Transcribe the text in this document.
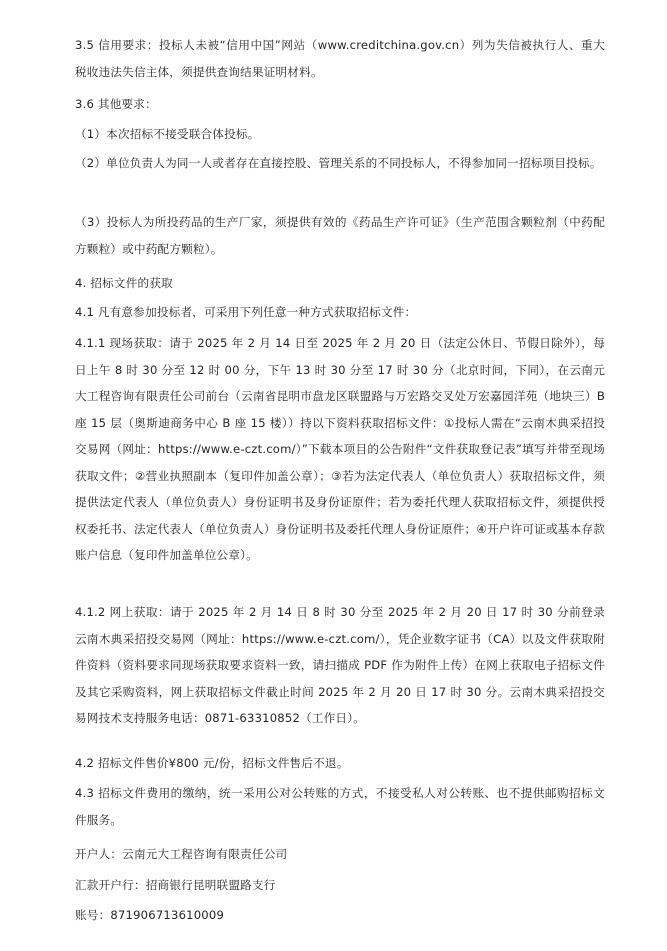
3.5 信用要求：投标人未被“信用中国”网站（www.creditchina.gov.cn）列为失信被执行人、重大税收违法失信主体，须提供查询结果证明材料。

3.6 其他要求：

（1）本次招标不接受联合体投标。

（2）单位负责人为同一人或者存在直接控股、管理关系的不同投标人，不得参加同一招标项目投标。

（3）投标人为所投药品的生产厂家，须提供有效的《药品生产许可证》（生产范围含颗粒剂（中药配方颗粒）或中药配方颗粒）。

4. 招标文件的获取

4.1 凡有意参加投标者，可采用下列任意一种方式获取招标文件：

4.1.1 现场获取：请于 2025 年 2 月 14 日至 2025 年 2 月 20 日（法定公休日、节假日除外），每日上午 8 时 30 分至 12 时 00 分，下午 13 时 30 分至 17 时 30 分（北京时间，下同），在云南元大工程咨询有限责任公司前台（云南省昆明市盘龙区联盟路与万宏路交叉处万宏嘉园洋苑（地块三）B 座 15 层（奥斯迪商务中心 B 座 15 楼））持以下资料获取招标文件：①投标人需在“云南木典采招投交易网（网址：https://www.e-czt.com/）”下载本项目的公告附件“文件获取登记表”填写并带至现场获取文件；②营业执照副本（复印件加盖公章）；③若为法定代表人（单位负责人）获取招标文件，须提供法定代表人（单位负责人）身份证明书及身份证原件；若为委托代理人获取招标文件，须提供授权委托书、法定代表人（单位负责人）身份证明书及委托代理人身份证原件；④开户许可证或基本存款账户信息（复印件加盖单位公章）。

4.1.2 网上获取：请于 2025 年 2 月 14 日 8 时 30 分至 2025 年 2 月 20 日 17 时 30 分前登录云南木典采招投交易网（网址：https://www.e-czt.com/），凭企业数字证书（CA）以及文件获取附件资料（资料要求同现场获取要求资料一致，请扫描成 PDF 作为附件上传）在网上获取电子招标文件及其它采购资料，网上获取招标文件截止时间 2025 年 2 月 20 日 17 时 30 分。云南木典采招投交易网技术支持服务电话：0871-63310852（工作日）。

4.2 招标文件售价¥800 元/份，招标文件售后不退。

4.3 招标文件费用的缴纳，统一采用公对公转账的方式，不接受私人对公转账、也不提供邮购招标文件服务。

开户人：云南元大工程咨询有限责任公司

汇款开户行：招商银行昆明联盟路支行

账号：871906713610009
